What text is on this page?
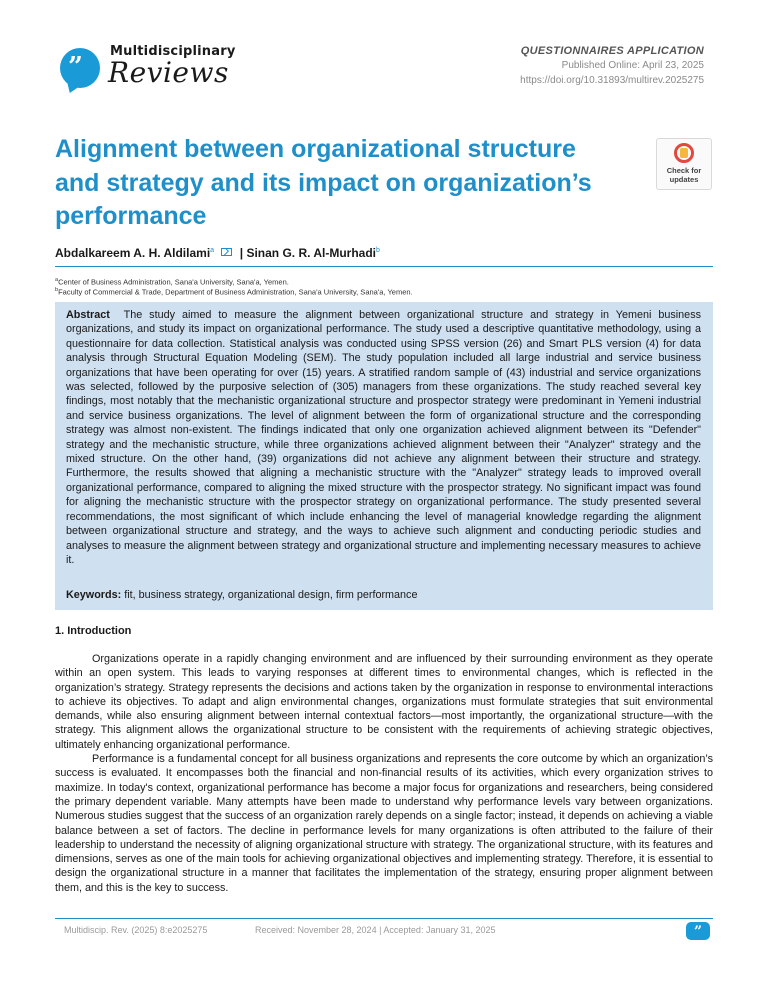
”
Multidisciplinary
Reviews
QUESTIONNAIRES APPLICATION
Published Online: April 23, 2025
https://doi.org/10.31893/multirev.2025275
Alignment between organizational structure and strategy and its impact on organization’s performance
Check for
updates
Abdalkareem A. H. Aldilami$^a$ | Sinan G. R. Al-Murhadi$^b$
$^a$Center of Business Administration, Sana'a University, Sana'a, Yemen.
$^b$Faculty of Commercial & Trade, Department of Business Administration, Sana'a University, Sana'a, Yemen.
Abstract The study aimed to measure the alignment between organizational structure and strategy in Yemeni business organizations, and study its impact on organizational performance. The study used a descriptive quantitative methodology, using a questionnaire for data collection. Statistical analysis was conducted using SPSS version (26) and Smart PLS version (4) for data analysis through Structural Equation Modeling (SEM). The study population included all large industrial and service business organizations that have been operating for over (15) years. A stratified random sample of (43) industrial and service organizations was selected, followed by the purposive selection of (305) managers from these organizations. The study reached several key findings, most notably that the mechanistic organizational structure and prospector strategy were predominant in Yemeni industrial and service business organizations. The level of alignment between the form of organizational structure and the corresponding strategy was almost non-existent. The findings indicated that only one organization achieved alignment between its "Defender" strategy and the mechanistic structure, while three organizations achieved alignment between their "Analyzer" strategy and the mixed structure. On the other hand, (39) organizations did not achieve any alignment between their structure and strategy. Furthermore, the results showed that aligning a mechanistic structure with the "Analyzer" strategy leads to improved overall organizational performance, compared to aligning the mixed structure with the prospector strategy. No significant impact was found for aligning the mechanistic structure with the prospector strategy on organizational performance. The study presented several recommendations, the most significant of which include enhancing the level of managerial knowledge regarding the alignment between organizational structure and strategy, and the ways to achieve such alignment and conducting periodic studies and analyses to measure the alignment between strategy and organizational structure and implementing necessary measures to achieve it.
Keywords: fit, business strategy, organizational design, firm performance
1. Introduction

Organizations operate in a rapidly changing environment and are influenced by their surrounding environment as they operate within an open system. This leads to varying responses at different times to environmental changes, which is reflected in the organization’s strategy. Strategy represents the decisions and actions taken by the organization in response to environmental interactions to achieve its objectives. To adapt and align environmental changes, organizations must formulate strategies that suit environmental demands, while also ensuring alignment between internal contextual factors—most importantly, the organizational structure—with the strategy. This alignment allows the organizational structure to be consistent with the requirements of achieving strategic objectives, ultimately enhancing organizational performance.

Performance is a fundamental concept for all business organizations and represents the core outcome by which an organization’s success is evaluated. It encompasses both the financial and non-financial results of its activities, which every organization strives to maximize. In today's context, organizational performance has become a major focus for organizations and researchers, being considered the primary dependent variable. Many attempts have been made to understand why performance levels vary between organizations. Numerous studies suggest that the success of an organization rarely depends on a single factor; instead, it depends on achieving a viable balance between a set of factors. The decline in performance levels for many organizations is often attributed to the failure of their leadership to understand the necessity of aligning organizational structure with strategy. The organizational structure, with its features and dimensions, serves as one of the main tools for achieving organizational objectives and implementing strategy. Therefore, it is essential to design the organizational structure in a manner that facilitates the implementation of the strategy, ensuring proper alignment between them, and this is the key to success.

Multidiscip. Rev. (2025) 8:e2025275	Received: November 28, 2024 | Accepted: January 31, 2025	”
